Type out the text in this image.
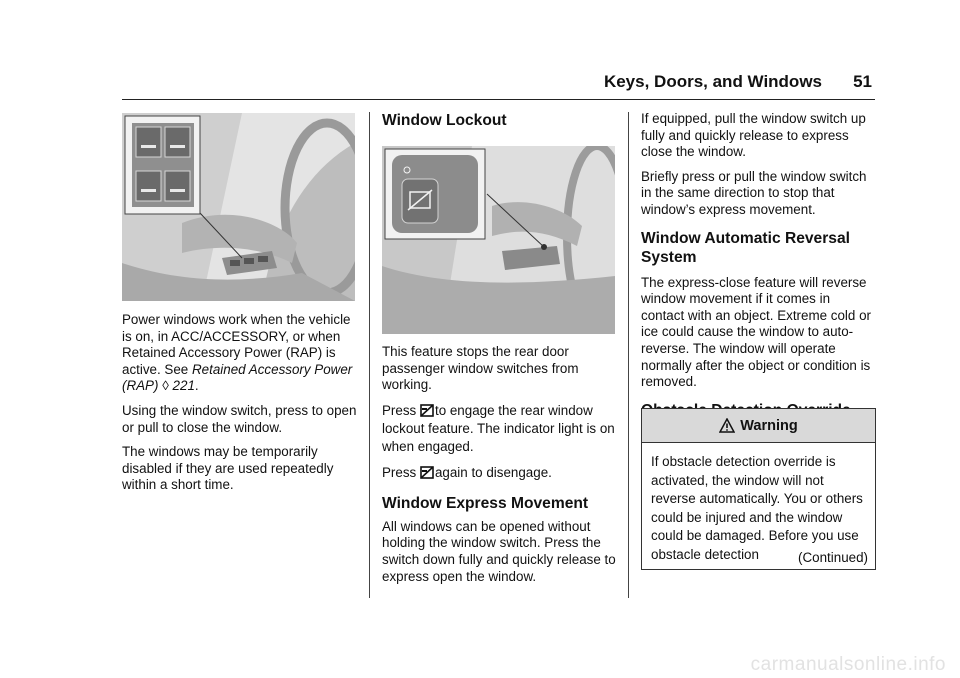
Keys, Doors, and Windows 51

Power windows work when the vehicle is on, in ACC/ACCESSORY, or when Retained Accessory Power (RAP) is active. See Retained Accessory Power (RAP) ◊ 221.

Using the window switch, press to open or pull to close the window.

The windows may be temporarily disabled if they are used repeatedly within a short time.

Window Lockout

This feature stops the rear door passenger window switches from working.

Press to engage the rear window lockout feature. The indicator light is on when engaged.

Press again to disengage.

Window Express Movement

All windows can be opened without holding the window switch. Press the switch down fully and quickly release to express open the window.

If equipped, pull the window switch up fully and quickly release to express close the window.

Briefly press or pull the window switch in the same direction to stop that window’s express movement.

Window Automatic Reversal System

The express-close feature will reverse window movement if it comes in contact with an object. Extreme cold or ice could cause the window to auto-reverse. The window will operate normally after the object or condition is removed.

Warning
If obstacle detection override is activated, the window will not reverse automatically. You or others could be injured and the window could be damaged. Before you use obstacle detection	(Continued)
carmanualsonline.info
